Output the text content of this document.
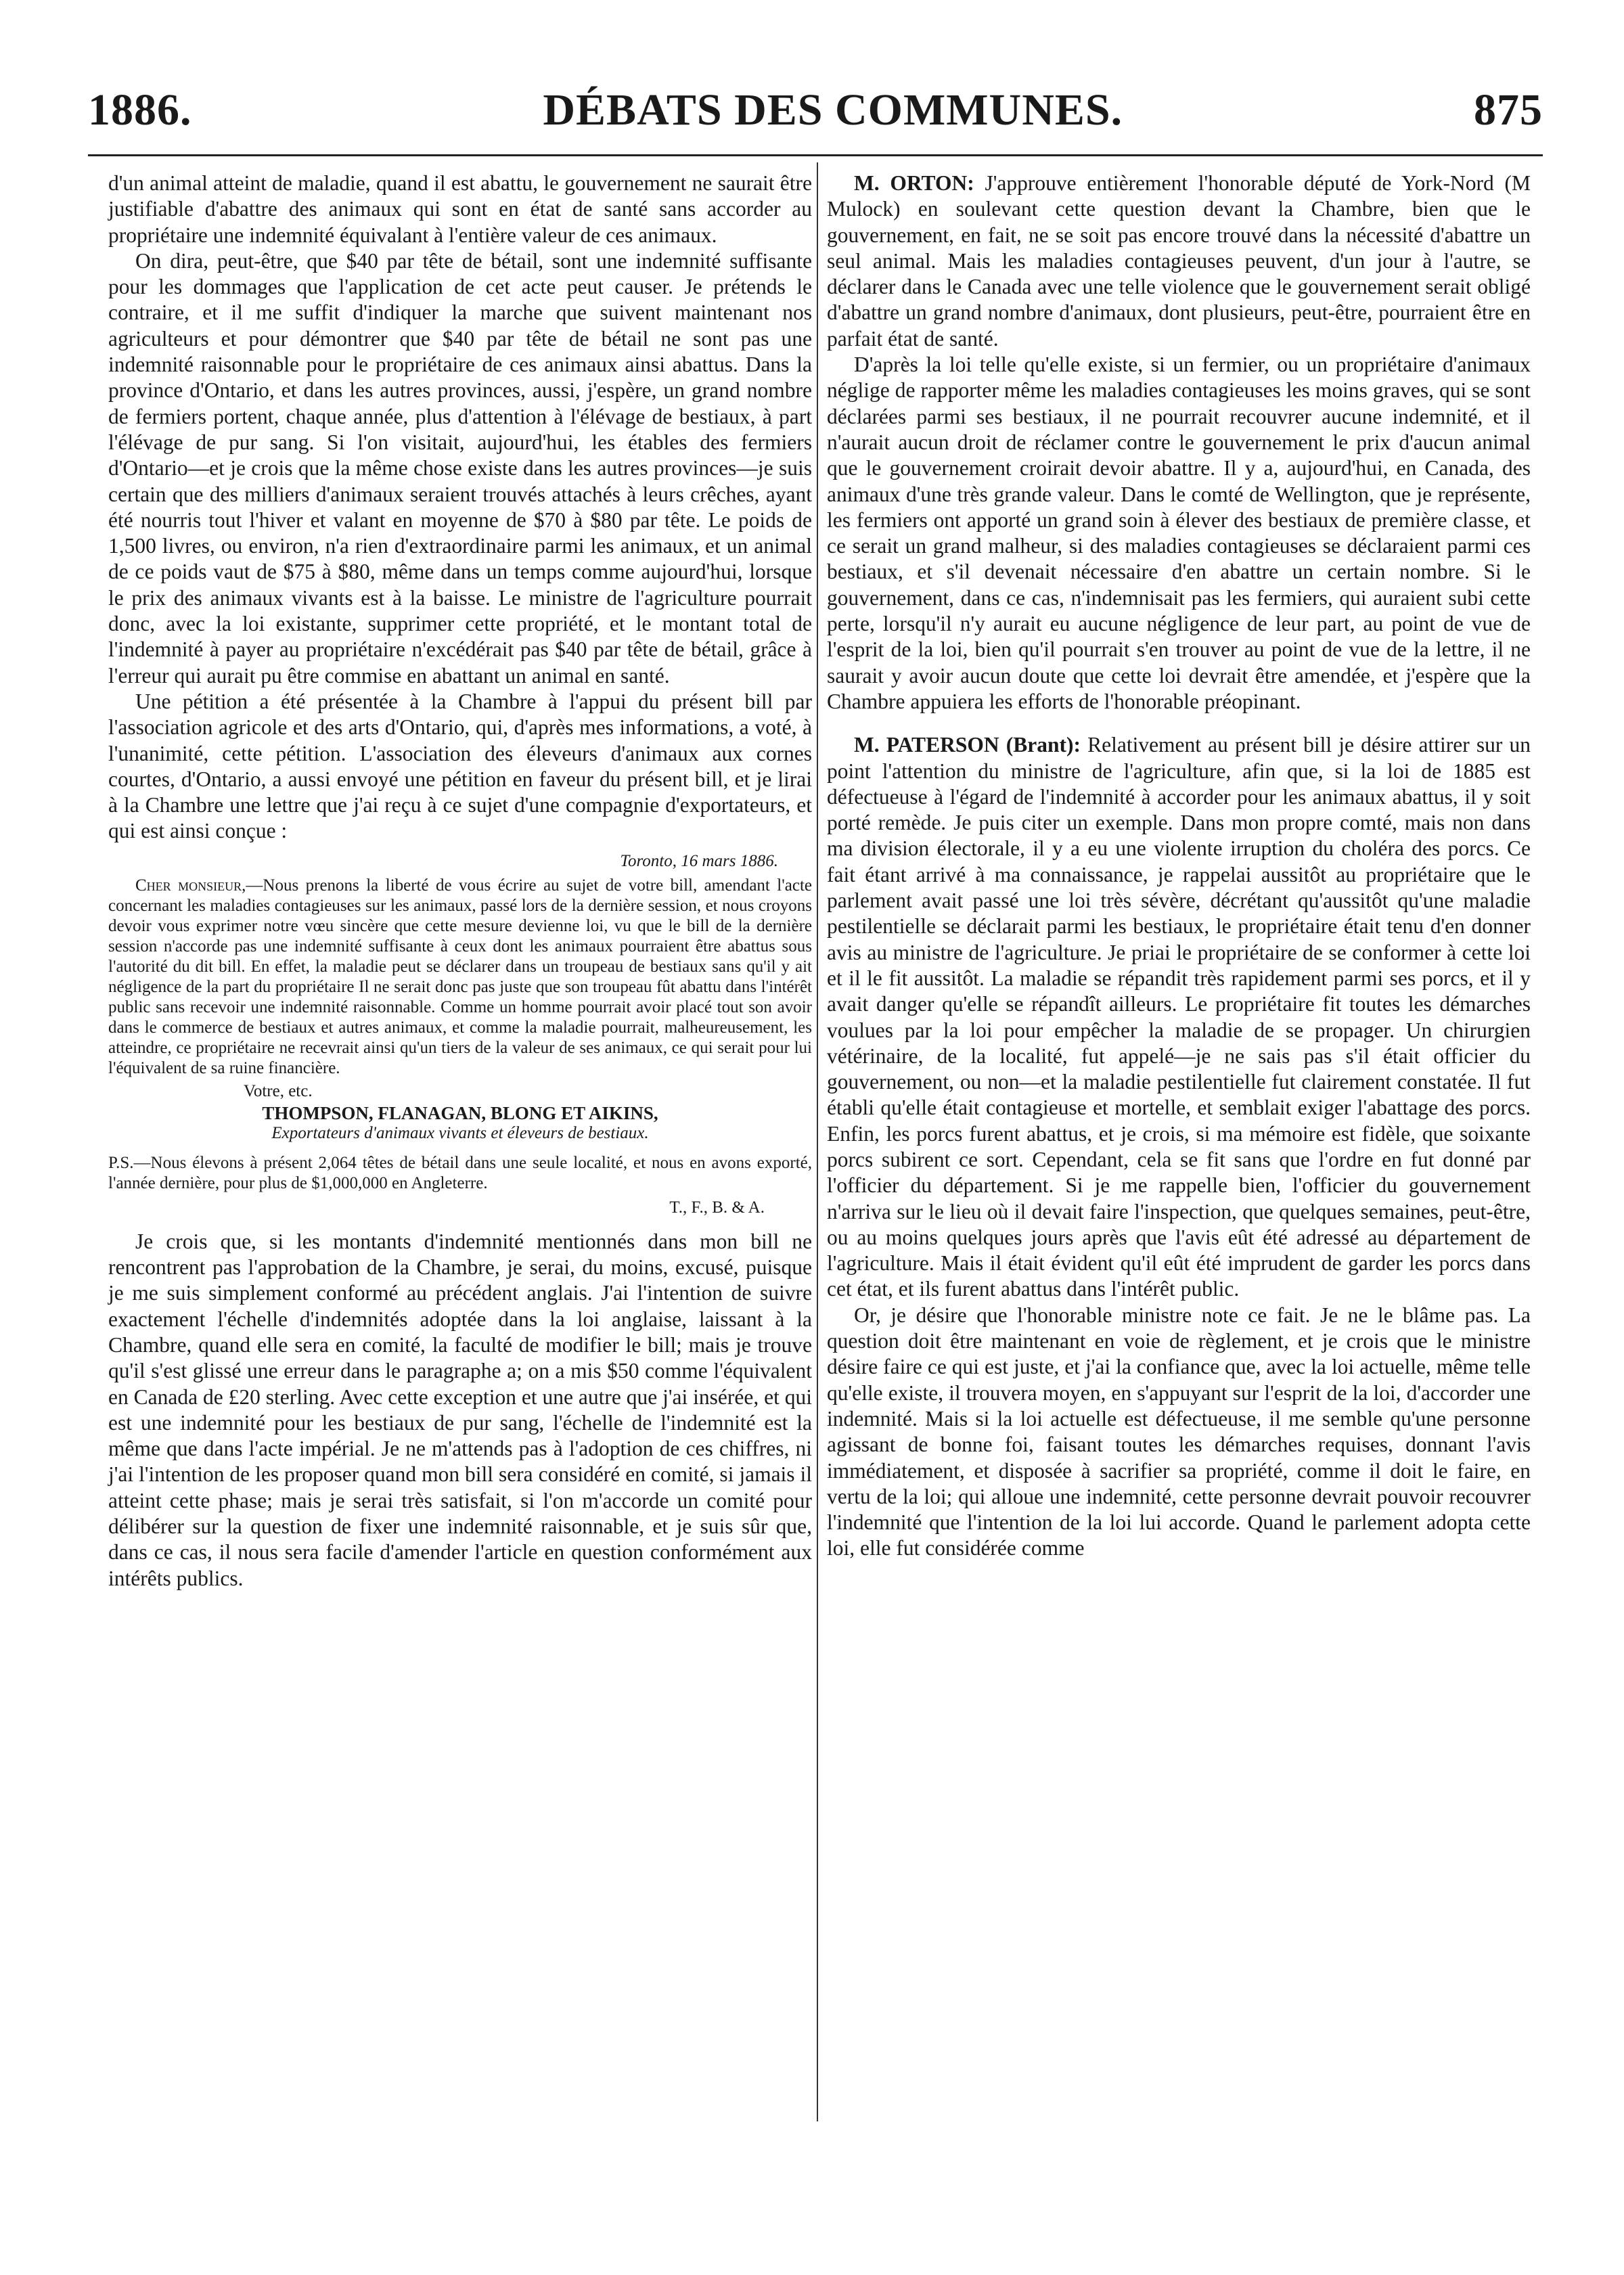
1886.	DÉBATS DES COMMUNES.	875

d'un animal atteint de maladie, quand il est abattu, le gouvernement ne saurait être justifiable d'abattre des animaux qui sont en état de santé sans accorder au propriétaire une indemnité équivalant à l'entière valeur de ces animaux.

On dira, peut-être, que $40 par tête de bétail, sont une indemnité suffisante pour les dommages que l'application de cet acte peut causer. Je prétends le contraire, et il me suffit d'indiquer la marche que suivent maintenant nos agriculteurs et pour démontrer que $40 par tête de bétail ne sont pas une indemnité raisonnable pour le propriétaire de ces animaux ainsi abattus. Dans la province d'Ontario, et dans les autres provinces, aussi, j'espère, un grand nombre de fermiers portent, chaque année, plus d'attention à l'élévage de bestiaux, à part l'élévage de pur sang. Si l'on visitait, aujourd'hui, les étables des fermiers d'Ontario—et je crois que la même chose existe dans les autres provinces—je suis certain que des milliers d'animaux seraient trouvés attachés à leurs crêches, ayant été nourris tout l'hiver et valant en moyenne de $70 à $80 par tête. Le poids de 1,500 livres, ou environ, n'a rien d'extraordinaire parmi les animaux, et un animal de ce poids vaut de $75 à $80, même dans un temps comme aujourd'hui, lorsque le prix des animaux vivants est à la baisse. Le ministre de l'agriculture pourrait donc, avec la loi existante, supprimer cette propriété, et le montant total de l'indemnité à payer au propriétaire n'excédérait pas $40 par tête de bétail, grâce à l'erreur qui aurait pu être commise en abattant un animal en santé.

Une pétition a été présentée à la Chambre à l'appui du présent bill par l'association agricole et des arts d'Ontario, qui, d'après mes informations, a voté, à l'unanimité, cette pétition. L'association des éleveurs d'animaux aux cornes courtes, d'Ontario, a aussi envoyé une pétition en faveur du présent bill, et je lirai à la Chambre une lettre que j'ai reçu à ce sujet d'une compagnie d'exportateurs, et qui est ainsi conçue :

Toronto, 16 mars 1886.

Cher monsieur,—Nous prenons la liberté de vous écrire au sujet de votre bill, amendant l'acte concernant les maladies contagieuses sur les animaux, passé lors de la dernière session, et nous croyons devoir vous exprimer notre vœu sincère que cette mesure devienne loi, vu que le bill de la dernière session n'accorde pas une indemnité suffisante à ceux dont les animaux pourraient être abattus sous l'autorité du dit bill. En effet, la maladie peut se déclarer dans un troupeau de bestiaux sans qu'il y ait négligence de la part du propriétaire Il ne serait donc pas juste que son troupeau fût abattu dans l'intérêt public sans recevoir une indemnité raisonnable. Comme un homme pourrait avoir placé tout son avoir dans le commerce de bestiaux et autres animaux, et comme la maladie pourrait, malheureusement, les atteindre, ce propriétaire ne recevrait ainsi qu'un tiers de la valeur de ses animaux, ce qui serait pour lui l'équivalent de sa ruine financière.

Votre, etc.
THOMPSON, FLANAGAN, BLONG ET AIKINS,
Exportateurs d'animaux vivants et éleveurs de bestiaux.

P.S.—Nous élevons à présent 2,064 têtes de bétail dans une seule localité, et nous en avons exporté, l'année dernière, pour plus de $1,000,000 en Angleterre.

T., F., B. & A.

Je crois que, si les montants d'indemnité mentionnés dans mon bill ne rencontrent pas l'approbation de la Chambre, je serai, du moins, excusé, puisque je me suis simplement conformé au précédent anglais. J'ai l'intention de suivre exactement l'échelle d'indemnités adoptée dans la loi anglaise, laissant à la Chambre, quand elle sera en comité, la faculté de modifier le bill; mais je trouve qu'il s'est glissé une erreur dans le paragraphe a; on a mis $50 comme l'équivalent en Canada de £20 sterling. Avec cette exception et une autre que j'ai insérée, et qui est une indemnité pour les bestiaux de pur sang, l'échelle de l'indemnité est la même que dans l'acte impérial. Je ne m'attends pas à l'adoption de ces chiffres, ni j'ai l'intention de les proposer quand mon bill sera considéré en comité, si jamais il atteint cette phase; mais je serai très satisfait, si l'on m'accorde un comité pour délibérer sur la question de fixer une indemnité raisonnable, et je suis sûr que, dans ce cas, il nous sera facile d'amender l'article en question conformément aux intérêts publics.

M. ORTON: J'approuve entièrement l'honorable député de York-Nord (M Mulock) en soulevant cette question devant la Chambre, bien que le gouvernement, en fait, ne se soit pas encore trouvé dans la nécessité d'abattre un seul animal. Mais les maladies contagieuses peuvent, d'un jour à l'autre, se déclarer dans le Canada avec une telle violence que le gouvernement serait obligé d'abattre un grand nombre d'animaux, dont plusieurs, peut-être, pourraient être en parfait état de santé.

D'après la loi telle qu'elle existe, si un fermier, ou un propriétaire d'animaux néglige de rapporter même les maladies contagieuses les moins graves, qui se sont déclarées parmi ses bestiaux, il ne pourrait recouvrer aucune indemnité, et il n'aurait aucun droit de réclamer contre le gouvernement le prix d'aucun animal que le gouvernement croirait devoir abattre. Il y a, aujourd'hui, en Canada, des animaux d'une très grande valeur. Dans le comté de Wellington, que je représente, les fermiers ont apporté un grand soin à élever des bestiaux de première classe, et ce serait un grand malheur, si des maladies contagieuses se déclaraient parmi ces bestiaux, et s'il devenait nécessaire d'en abattre un certain nombre. Si le gouvernement, dans ce cas, n'indemnisait pas les fermiers, qui auraient subi cette perte, lorsqu'il n'y aurait eu aucune négligence de leur part, au point de vue de l'esprit de la loi, bien qu'il pourrait s'en trouver au point de vue de la lettre, il ne saurait y avoir aucun doute que cette loi devrait être amendée, et j'espère que la Chambre appuiera les efforts de l'honorable préopinant.

M. PATERSON (Brant): Relativement au présent bill je désire attirer sur un point l'attention du ministre de l'agriculture, afin que, si la loi de 1885 est défectueuse à l'égard de l'indemnité à accorder pour les animaux abattus, il y soit porté remède. Je puis citer un exemple. Dans mon propre comté, mais non dans ma division électorale, il y a eu une violente irruption du choléra des porcs. Ce fait étant arrivé à ma connaissance, je rappelai aussitôt au propriétaire que le parlement avait passé une loi très sévère, décrétant qu'aussitôt qu'une maladie pestilentielle se déclarait parmi les bestiaux, le propriétaire était tenu d'en donner avis au ministre de l'agriculture. Je priai le propriétaire de se conformer à cette loi et il le fit aussitôt. La maladie se répandit très rapidement parmi ses porcs, et il y avait danger qu'elle se répandît ailleurs. Le propriétaire fit toutes les démarches voulues par la loi pour empêcher la maladie de se propager. Un chirurgien vétérinaire, de la localité, fut appelé—je ne sais pas s'il était officier du gouvernement, ou non—et la maladie pestilentielle fut clairement constatée. Il fut établi qu'elle était contagieuse et mortelle, et semblait exiger l'abattage des porcs. Enfin, les porcs furent abattus, et je crois, si ma mémoire est fidèle, que soixante porcs subirent ce sort. Cependant, cela se fit sans que l'ordre en fut donné par l'officier du département. Si je me rappelle bien, l'officier du gouvernement n'arriva sur le lieu où il devait faire l'inspection, que quelques semaines, peut-être, ou au moins quelques jours après que l'avis eût été adressé au département de l'agriculture. Mais il était évident qu'il eût été imprudent de garder les porcs dans cet état, et ils furent abattus dans l'intérêt public.

Or, je désire que l'honorable ministre note ce fait. Je ne le blâme pas. La question doit être maintenant en voie de règlement, et je crois que le ministre désire faire ce qui est juste, et j'ai la confiance que, avec la loi actuelle, même telle qu'elle existe, il trouvera moyen, en s'appuyant sur l'esprit de la loi, d'accorder une indemnité. Mais si la loi actuelle est défectueuse, il me semble qu'une personne agissant de bonne foi, faisant toutes les démarches requises, donnant l'avis immédiatement, et disposée à sacrifier sa propriété, comme il doit le faire, en vertu de la loi; qui alloue une indemnité, cette personne devrait pouvoir recouvrer l'indemnité que l'intention de la loi lui accorde. Quand le parlement adopta cette loi, elle fut considérée comme
